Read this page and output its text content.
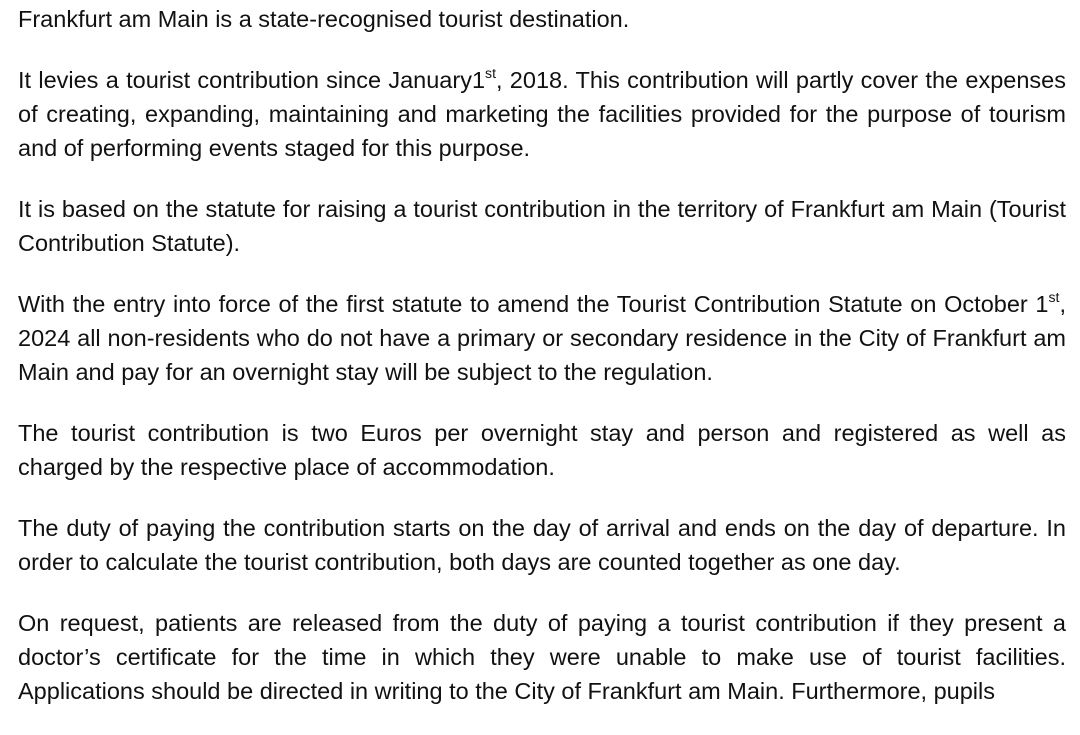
Frankfurt am Main is a state-recognised tourist destination.

It levies a tourist contribution since January1st, 2018. This contribution will partly cover the expenses of creating, expanding, maintaining and marketing the facilities provided for the purpose of tourism and of performing events staged for this purpose.

It is based on the statute for raising a tourist contribution in the territory of Frankfurt am Main (Tourist Contribution Statute).

With the entry into force of the first statute to amend the Tourist Contribution Statute on October 1st, 2024 all non-residents who do not have a primary or secondary residence in the City of Frankfurt am Main and pay for an overnight stay will be subject to the regulation.

The tourist contribution is two Euros per overnight stay and person and registered as well as charged by the respective place of accommodation.

The duty of paying the contribution starts on the day of arrival and ends on the day of departure. In order to calculate the tourist contribution, both days are counted together as one day.

On request, patients are released from the duty of paying a tourist contribution if they present a doctor’s certificate for the time in which they were unable to make use of tourist facilities. Applications should be directed in writing to the City of Frankfurt am Main. Furthermore, pupils
